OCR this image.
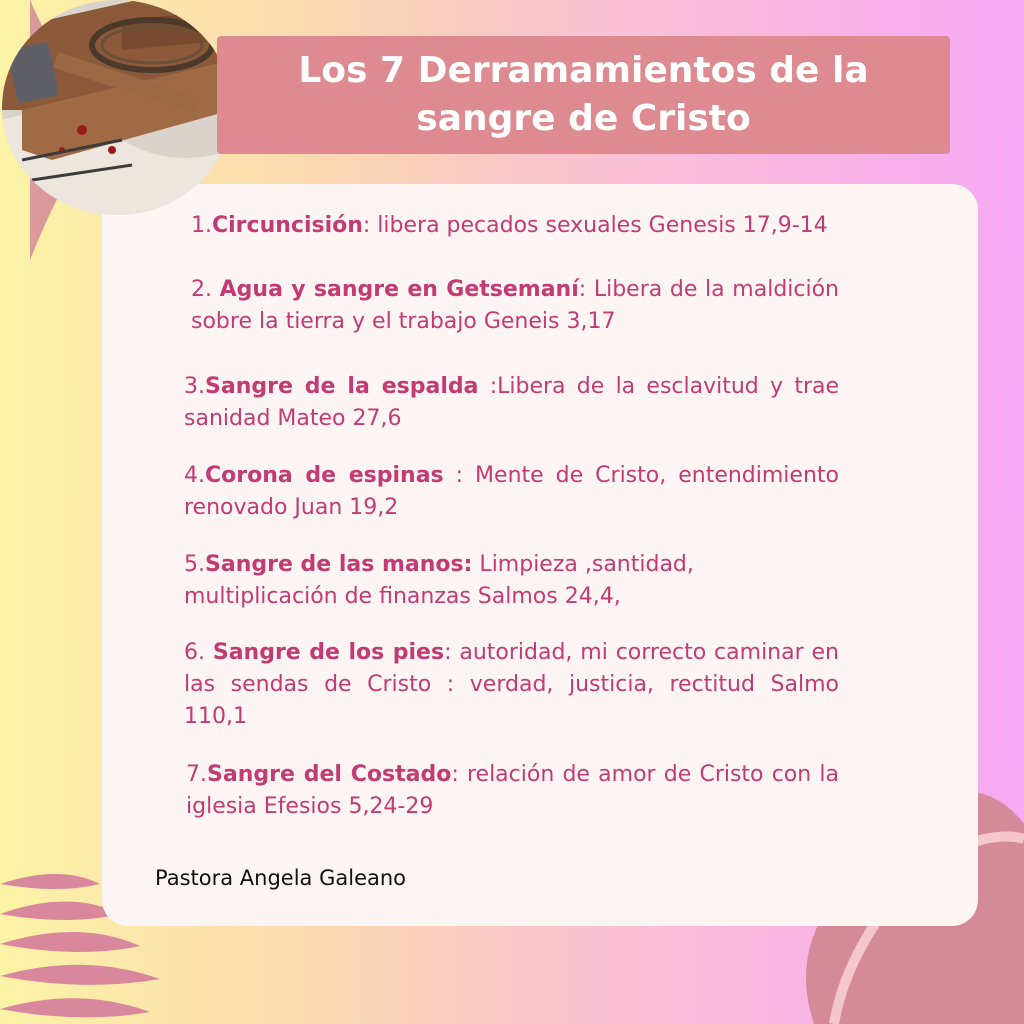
Los 7 Derramamientos de la sangre de Cristo
1.Circuncisión: libera pecados sexuales Genesis 17,9-14
2. Agua y sangre en Getsemaní: Libera de la maldición sobre la tierra y el trabajo Geneis 3,17
3.Sangre de la espalda :Libera de la esclavitud y trae sanidad Mateo 27,6
4.Corona de espinas : Mente de Cristo, entendimiento renovado Juan 19,2
5.Sangre de las manos: Limpieza ,santidad, multiplicación de finanzas Salmos 24,4,
6. Sangre de los pies: autoridad, mi correcto caminar en las sendas de Cristo : verdad, justicia, rectitud Salmo 110,1
7.Sangre del Costado: relación de amor de Cristo con la iglesia Efesios 5,24-29
Pastora Angela Galeano
